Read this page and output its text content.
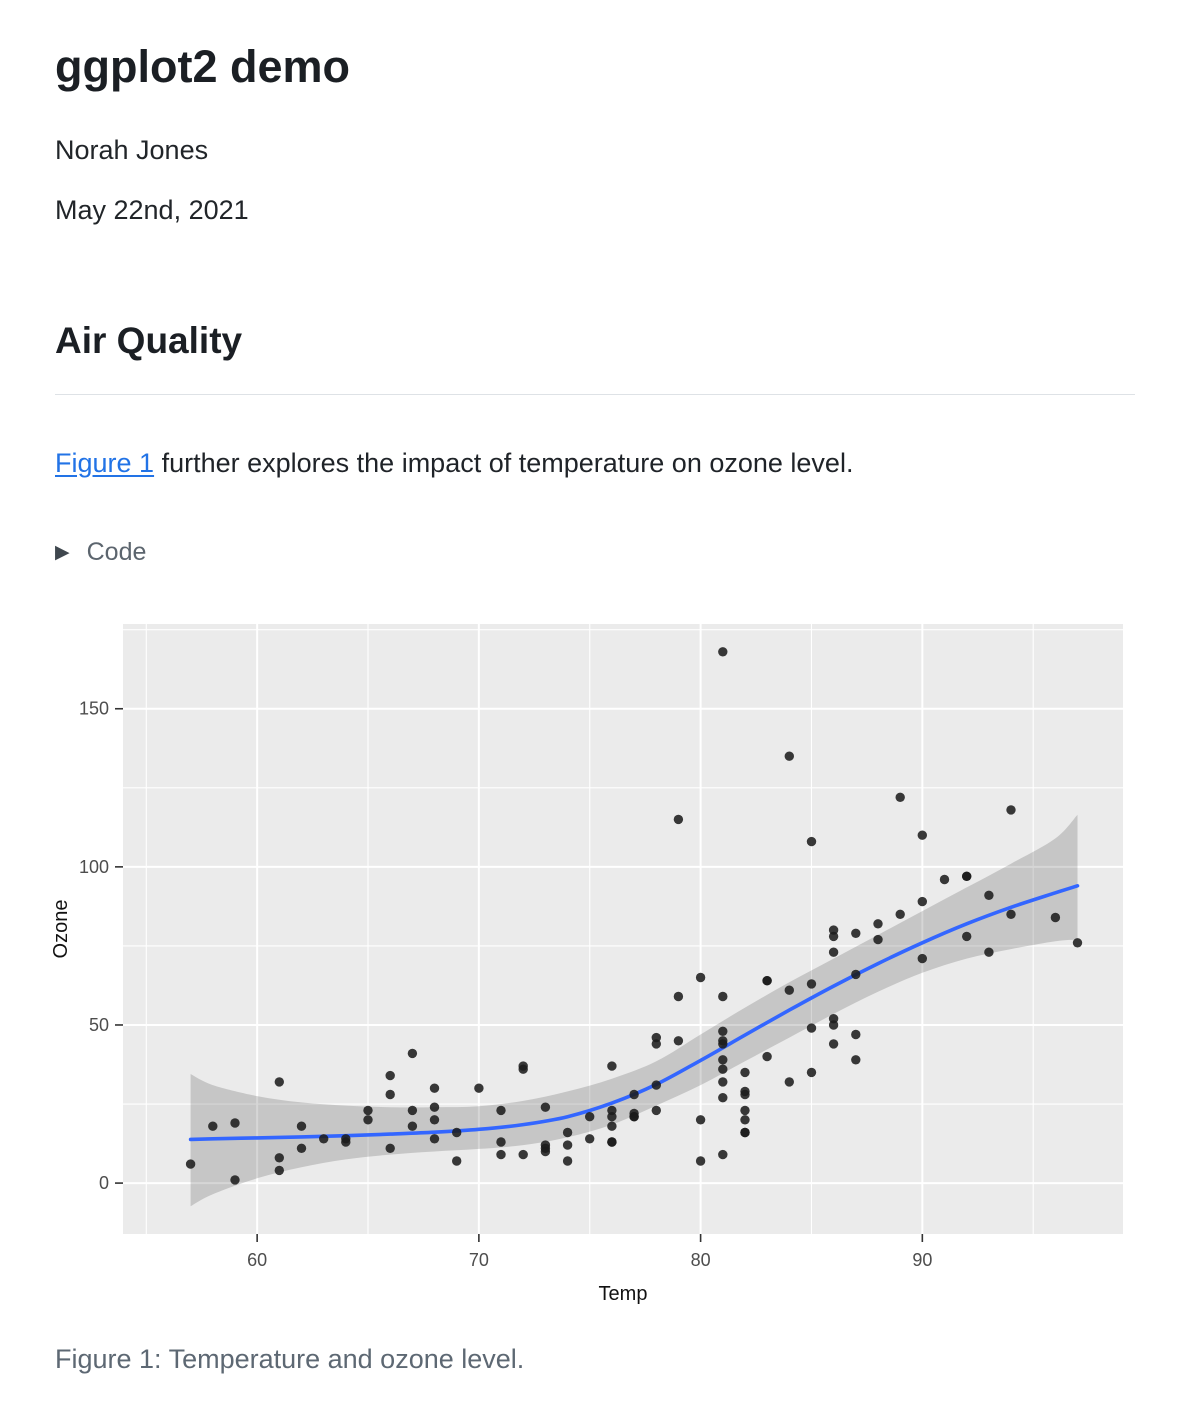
ggplot2 demo

Norah Jones

May 22nd, 2021

Air Quality

Figure 1 further explores the impact of temperature on ozone level.

▶ Code
60	70	80	90
0
50
100
150
Temp
Ozone

Figure 1: Temperature and ozone level.
